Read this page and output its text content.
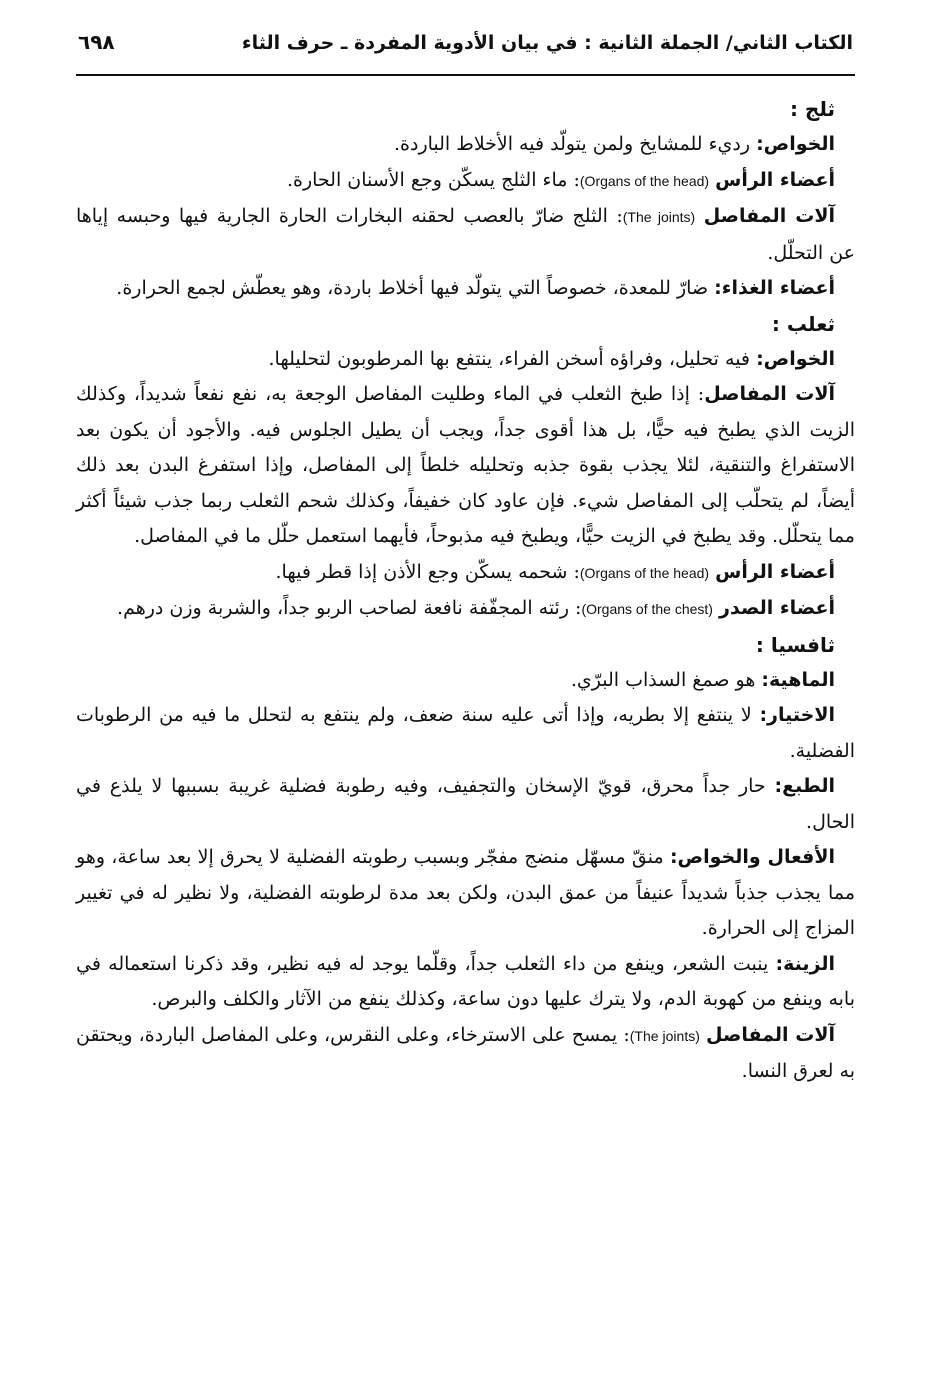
الكتاب الثاني/ الجملة الثانية : في بيان الأدوية المفردة ـ حرف الثاء
٦٩٨
ثلج :

الخواص: رديء للمشايخ ولمن يتولّد فيه الأخلاط الباردة.

أعضاء الرأس (Organs of the head): ماء الثلج يسكّن وجع الأسنان الحارة.

آلات المفاصل (The joints): الثلج ضارّ بالعصب لحقنه البخارات الحارة الجارية فيها وحبسه إياها عن التحلّل.

أعضاء الغذاء: ضارّ للمعدة، خصوصاً التي يتولّد فيها أخلاط باردة، وهو يعطّش لجمع الحرارة.

ثعلب :

الخواص: فيه تحليل، وفراؤه أسخن الفراء، ينتفع بها المرطوبون لتحليلها.

آلات المفاصل: إذا طبخ الثعلب في الماء وطليت المفاصل الوجعة به، نفع نفعاً شديداً، وكذلك الزيت الذي يطبخ فيه حيًّا، بل هذا أقوى جداً، ويجب أن يطيل الجلوس فيه. والأجود أن يكون بعد الاستفراغ والتنقية، لئلا يجذب بقوة جذبه وتحليله خلطاً إلى المفاصل، وإذا استفرغ البدن بعد ذلك أيضاً، لم يتحلّب إلى المفاصل شيء. فإن عاود كان خفيفاً، وكذلك شحم الثعلب ربما جذب شيئاً أكثر مما يتحلّل. وقد يطبخ في الزيت حيًّا، ويطبخ فيه مذبوحاً، فأيهما استعمل حلّل ما في المفاصل.

أعضاء الرأس (Organs of the head): شحمه يسكّن وجع الأذن إذا قطر فيها.

أعضاء الصدر (Organs of the chest): رئته المجفّفة نافعة لصاحب الربو جداً، والشربة وزن درهم.

ثافسيا :

الماهية: هو صمغ السذاب البرّي.

الاختيار: لا ينتفع إلا بطريه، وإذا أتى عليه سنة ضعف، ولم ينتفع به لتحلل ما فيه من الرطوبات الفضلية.

الطبع: حار جداً محرق، قويّ الإسخان والتجفيف، وفيه رطوبة فضلية غريبة بسببها لا يلذع في الحال.

الأفعال والخواص: منقّ مسهّل منضج مفجّر وبسبب رطوبته الفضلية لا يحرق إلا بعد ساعة، وهو مما يجذب جذباً شديداً عنيفاً من عمق البدن، ولكن بعد مدة لرطوبته الفضلية، ولا نظير له في تغيير المزاج إلى الحرارة.

الزينة: ينبت الشعر، وينفع من داء الثعلب جداً، وقلّما يوجد له فيه نظير، وقد ذكرنا استعماله في بابه وينفع من كهوبة الدم، ولا يترك عليها دون ساعة، وكذلك ينفع من الآثار والكلف والبرص.

آلات المفاصل (The joints): يمسح على الاسترخاء، وعلى النقرس، وعلى المفاصل الباردة، ويحتقن به لعرق النسا.
